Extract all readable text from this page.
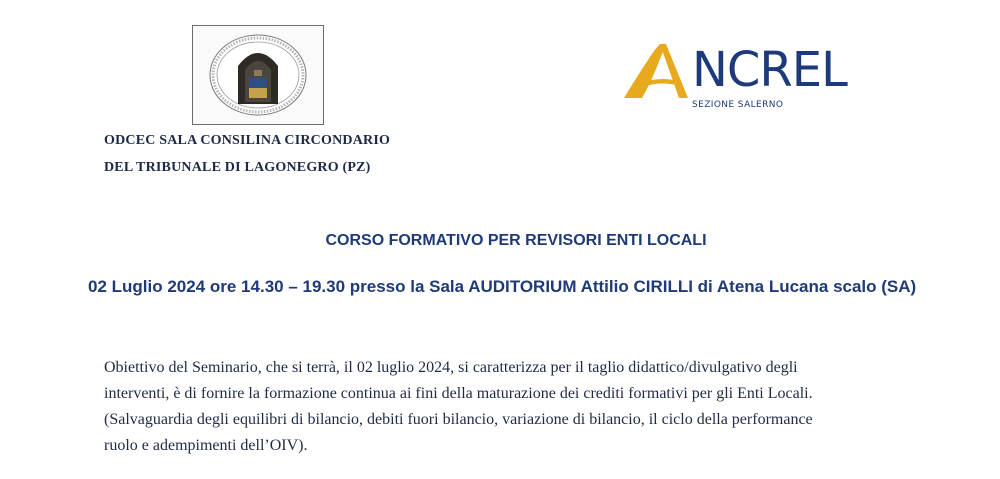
ODCEC SALA CONSILINA CIRCONDARIO
DEL TRIBUNALE DI LAGONEGRO (PZ)
NCREL
SEZIONE SALERNO
CORSO FORMATIVO PER REVISORI ENTI LOCALI
02 Luglio 2024 ore 14.30 – 19.30 presso la Sala AUDITORIUM Attilio CIRILLI di Atena Lucana scalo (SA)

Obiettivo del Seminario, che si terrà, il 02 luglio 2024, si caratterizza per il taglio didattico/divulgativo degli

interventi, è di fornire la formazione continua ai fini della maturazione dei crediti formativi per gli Enti Locali.

(Salvaguardia degli equilibri di bilancio, debiti fuori bilancio, variazione di bilancio, il ciclo della performance

ruolo e adempimenti dell’OIV).
